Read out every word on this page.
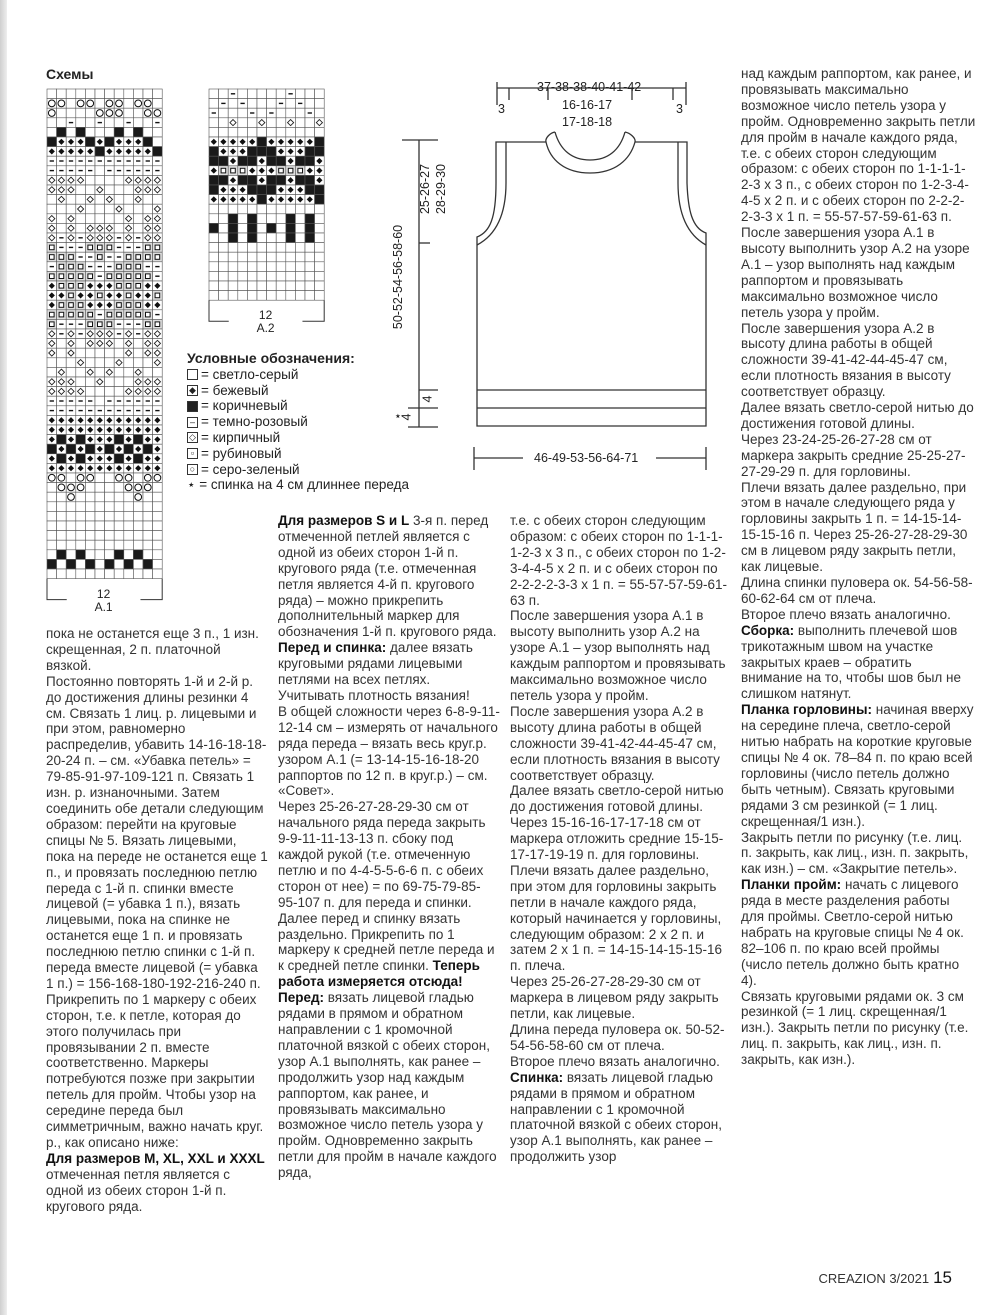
Схемы
12
A.1
12
A.2
Условные обозначения:
= светло-серый
◆ = бежевый
= коричневый
– = темно-розовый
◇ = кирпичный
▫ = рубиновый
○ = серо-зеленый
⋆ = спинка на 4 см длиннее переда
37-38-38-40-41-42
16-16-17
17-18-18
3	3
50-52-54-56-58-60
25-26-27 28-29-30
4
4
⋆
46-49-53-56-64-71

пока не останется еще 3 п., 1 изн. скрещенная, 2 п. платочной вязкой.

Постоянно повторять 1-й и 2-й р. до достижения длины резинки 4 см. Связать 1 лиц. р. лицевыми и при этом, равномерно распределив, убавить 14-16-18-18-20-24 п. – см. «Убавка петель» = 79-85-91-97-109-121 п. Связать 1 изн. р. изнаночными. Затем соединить обе детали следующим образом: перейти на круговые спицы № 5. Вязать лицевыми, пока на переде не останется еще 1 п., и провязать последнюю петлю переда с 1-й п. спинки вместе лицевой (= убавка 1 п.), вязать лицевыми, пока на спинке не останется еще 1 п. и провязать последнюю петлю спинки с 1-й п. переда вместе лицевой (= убавка 1 п.) = 156-168-180-192-216-240 п. Прикрепить по 1 маркеру с обеих сторон, т.е. к петле, которая до этого получилась при провязывании 2 п. вместе соответственно. Маркеры потребуются позже при закрытии петель для пройм. Чтобы узор на середине переда был симметричным, важно начать круг. р., как описано ниже:

Для размеров M, XL, XXL и XXXL отмеченная петля является с одной из обеих сторон 1-й п. кругового ряда.

Для размеров S и L 3-я п. перед отмеченной петлей является с одной из обеих сторон 1-й п. кругового ряда (т.е. отмеченная петля является 4-й п. кругового ряда) – можно прикрепить дополнительный маркер для обозначения 1-й п. кругового ряда.

Перед и спинка: далее вязать круговыми рядами лицевыми петлями на всех петлях. Учитывать плотность вязания!

В общей сложности через 6-8-9-11-12-14 см – измерять от начального ряда переда – вязать весь круг.р. узором A.1 (= 13-14-15-16-18-20 раппортов по 12 п. в круг.р.) – см. «Совет».

Через 25-26-27-28-29-30 см от начального ряда переда закрыть 9-9-11-11-13-13 п. сбоку под каждой рукой (т.е. отмеченную петлю и по 4-4-5-5-6-6 п. с обеих сторон от нее) = по 69-75-79-85-95-107 п. для переда и спинки. Далее перед и спинку вязать раздельно. Прикрепить по 1 маркеру к средней петле переда и к средней петле спинки. Теперь работа измеряется отсюда!

Перед: вязать лицевой гладью рядами в прямом и обратном направлении с 1 кромочной платочной вязкой с обеих сторон, узор A.1 выполнять, как ранее – продолжить узор над каждым раппортом, как ранее, и провязывать максимально возможное число петель узора у пройм. Одновременно закрыть петли для пройм в начале каждого ряда,

т.е. с обеих сторон следующим образом: с обеих сторон по 1-1-1-1-2-3 x 3 п., с обеих сторон по 1-2-3-4-4-5 x 2 п. и с обеих сторон по 2-2-2-2-3-3 x 1 п. = 55-57-57-59-61-63 п.

После завершения узора A.1 в высоту выполнить узор A.2 на узоре A.1 – узор выполнять над каждым раппортом и провязывать максимально возможное число петель узора у пройм.

После завершения узора A.2 в высоту длина работы в общей сложности 39-41-42-44-45-47 см, если плотность вязания в высоту соответствует образцу.

Далее вязать светло-серой нитью до достижения готовой длины.

Через 15-16-16-17-17-18 см от маркера отложить средние 15-15-17-17-19-19 п. для горловины.

Плечи вязать далее раздельно, при этом для горловины закрыть петли в начале каждого ряда, который начинается у горловины, следующим образом: 2 x 2 п. и затем 2 x 1 п. = 14-15-14-15-15-16 п. плеча.

Через 25-26-27-28-29-30 см от маркера в лицевом ряду закрыть петли, как лицевые.

Длина переда пуловера ок. 50-52-54-56-58-60 см от плеча.

Второе плечо вязать аналогично.

Спинка: вязать лицевой гладью рядами в прямом и обратном направлении с 1 кромочной платочной вязкой с обеих сторон, узор A.1 выполнять, как ранее – продолжить узор

над каждым раппортом, как ранее, и провязывать максимально возможное число петель узора у пройм. Одновременно закрыть петли для пройм в начале каждого ряда, т.е. с обеих сторон следующим образом: с обеих сторон по 1-1-1-1-2-3 x 3 п., с обеих сторон по 1-2-3-4-4-5 x 2 п. и с обеих сторон по 2-2-2-2-3-3 x 1 п. = 55-57-57-59-61-63 п.

После завершения узора A.1 в высоту выполнить узор A.2 на узоре A.1 – узор выполнять над каждым раппортом и провязывать максимально возможное число петель узора у пройм.

После завершения узора A.2 в высоту длина работы в общей сложности 39-41-42-44-45-47 см, если плотность вязания в высоту соответствует образцу.

Далее вязать светло-серой нитью до достижения готовой длины.

Через 23-24-25-26-27-28 см от маркера закрыть средние 25-25-27-27-29-29 п. для горловины.

Плечи вязать далее раздельно, при этом в начале следующего ряда у горловины закрыть 1 п. = 14-15-14-15-15-16 п. Через 25-26-27-28-29-30 см в лицевом ряду закрыть петли, как лицевые.

Длина спинки пуловера ок. 54-56-58-60-62-64 см от плеча.

Второе плечо вязать аналогично.

Сборка: выполнить плечевой шов трикотажным швом на участке закрытых краев – обратить внимание на то, чтобы шов был не слишком натянут.

Планка горловины: начиная вверху на середине плеча, светло-серой нитью набрать на короткие круговые спицы № 4 ок. 78–84 п. по краю всей горловины (число петель должно быть четным). Связать круговыми рядами 3 см резинкой (= 1 лиц. скрещенная/1 изн.).

Закрыть петли по рисунку (т.е. лиц. п. закрыть, как лиц., изн. п. закрыть, как изн.) – см. «Закрытие петель».

Планки пройм: начать с лицевого ряда в месте разделения работы для проймы. Светло-серой нитью набрать на круговые спицы № 4 ок. 82–106 п. по краю всей проймы (число петель должно быть кратно 4).

Связать круговыми рядами ок. 3 см резинкой (= 1 лиц. скрещенная/1 изн.). Закрыть петли по рисунку (т.е. лиц. п. закрыть, как лиц., изн. п. закрыть, как изн.).

CREAZION 3/2021 15
